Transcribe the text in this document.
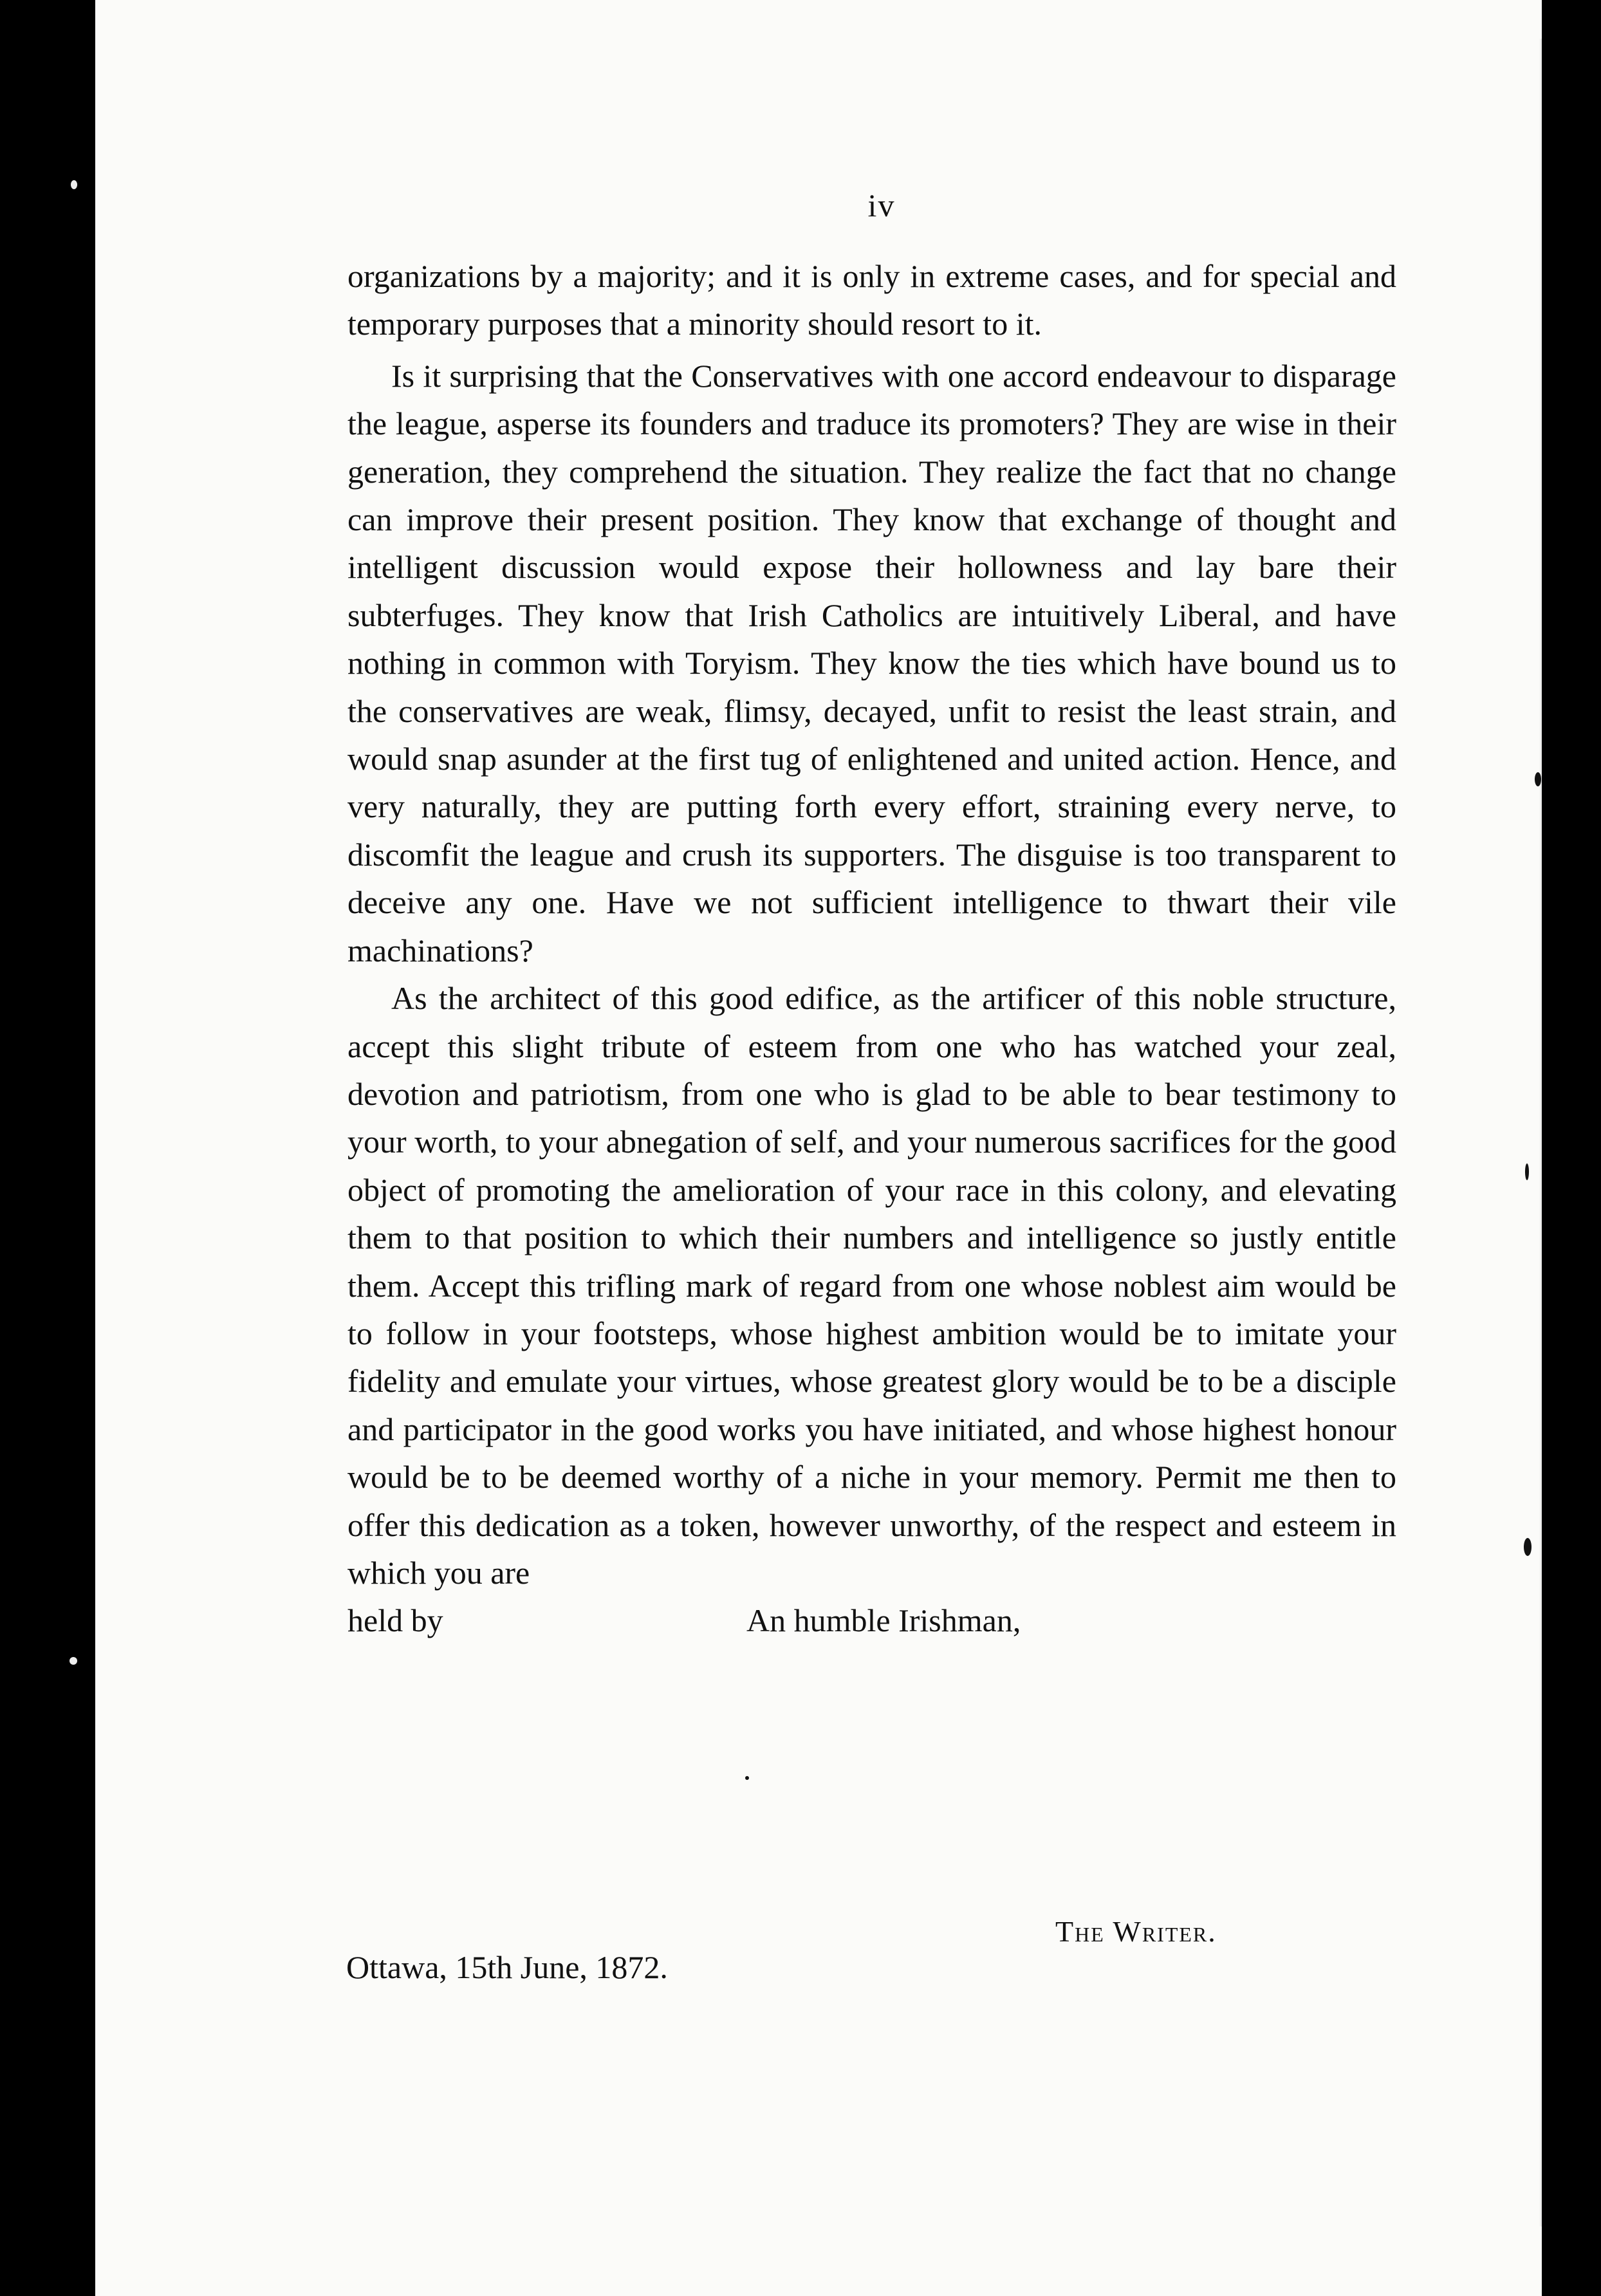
iv

organizations by a majority; and it is only in extreme cases, and for special and temporary purposes that a minority should resort to it.

Is it surprising that the Conservatives with one accord endeavour to disparage the league, asperse its founders and traduce its promoters? They are wise in their generation, they comprehend the situation. They realize the fact that no change can improve their present position. They know that exchange of thought and intelligent discussion would expose their hollowness and lay bare their subterfuges. They know that Irish Catholics are intuitively Liberal, and have nothing in common with Toryism. They know the ties which have bound us to the conservatives are weak, flimsy, decayed, unfit to resist the least strain, and would snap asunder at the first tug of enlightened and united action. Hence, and very naturally, they are putting forth every effort, straining every nerve, to discomfit the league and crush its supporters. The disguise is too transparent to deceive any one. Have we not sufficient intelligence to thwart their vile machinations?

As the architect of this good edifice, as the artificer of this noble structure, accept this slight tribute of esteem from one who has watched your zeal, devotion and patriotism, from one who is glad to be able to bear testimony to your worth, to your abnegation of self, and your numerous sacrifices for the good object of promoting the amelioration of your race in this colony, and elevating them to that position to which their numbers and intelligence so justly entitle them. Accept this trifling mark of regard from one whose noblest aim would be to follow in your footsteps, whose highest ambition would be to imitate your fidelity and emulate your virtues, whose greatest glory would be to be a disciple and participator in the good works you have initiated, and whose highest honour would be to be deemed worthy of a niche in your memory. Permit me then to offer this dedication as a token, however unworthy, of the respect and esteem in which you are

held by	An humble Irishman,
The Writer.
Ottawa, 15th June, 1872.
